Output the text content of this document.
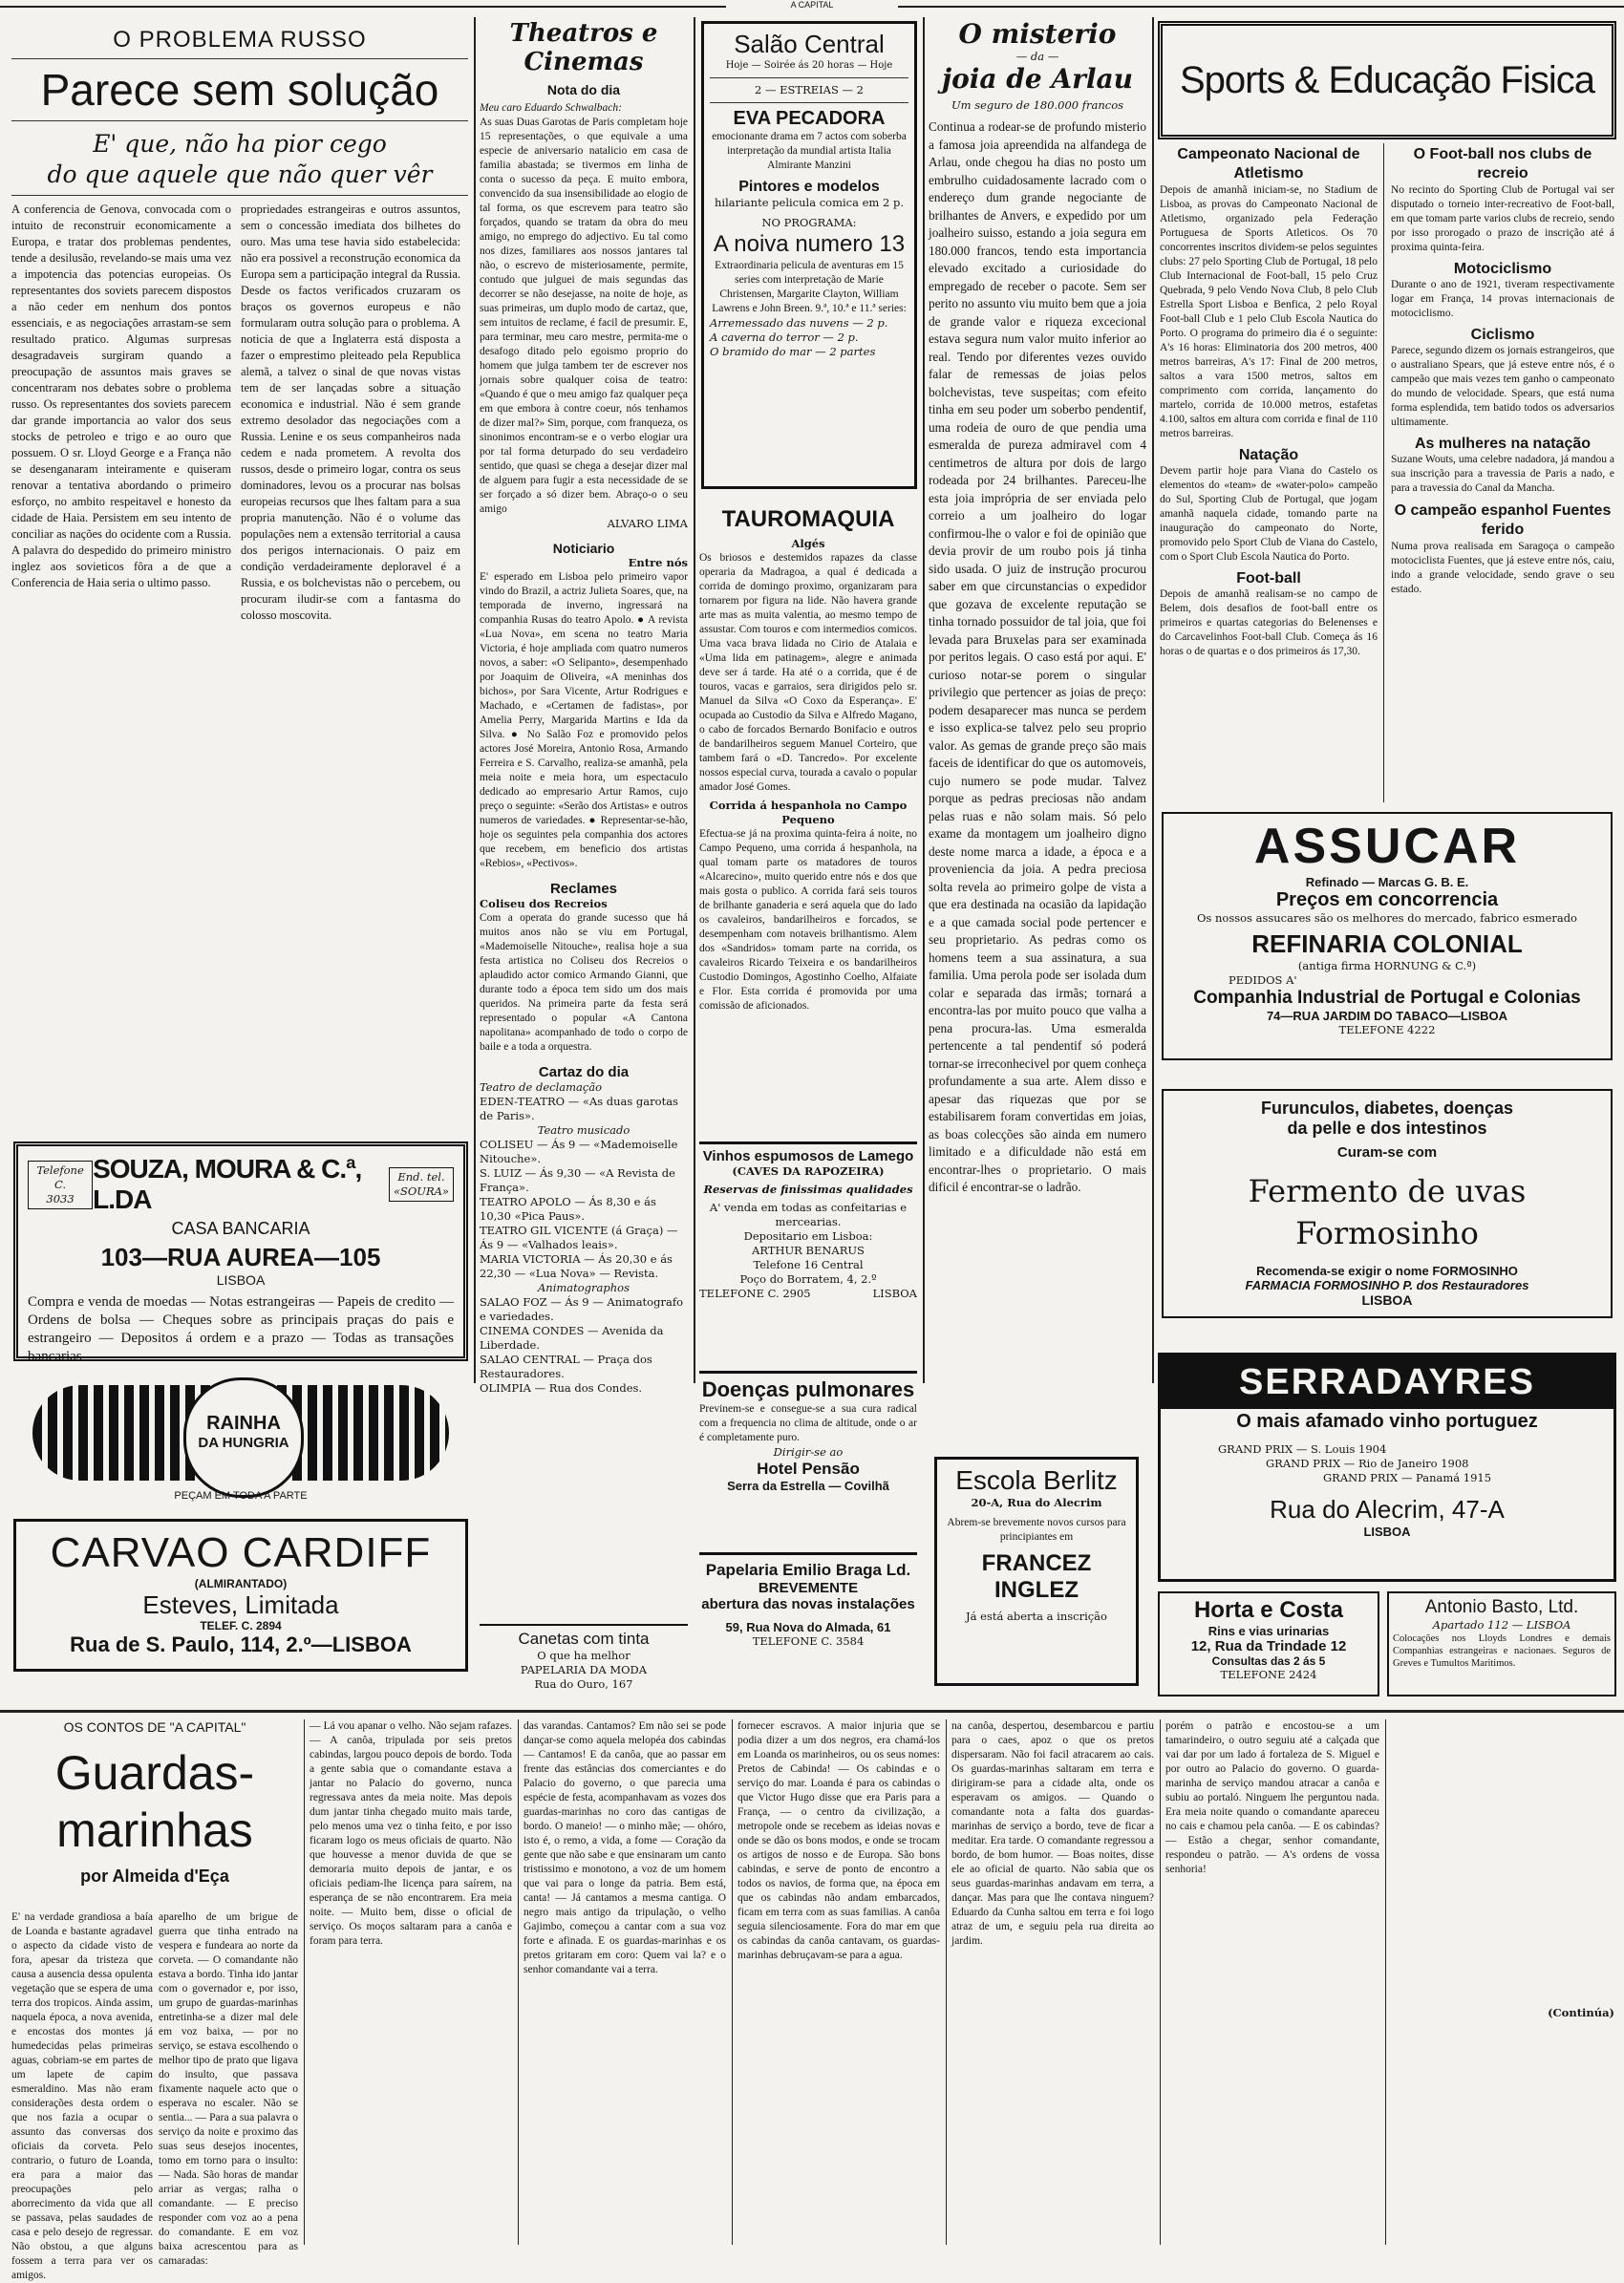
A CAPITAL
O PROBLEMA RUSSO
Parece sem solução
E' que, não ha pior cego
do que aquele que não quer vêr

A conferencia de Genova, convocada com o intuito de reconstruir economicamente a Europa, e tratar dos problemas pendentes, tende a desilusão, revelando-se mais uma vez a impotencia das potencias europeias. Os representantes dos soviets parecem dispostos a não ceder em nenhum dos pontos essenciais, e as negociações arrastam-se sem resultado pratico. Algumas surpresas desagradaveis surgiram quando a preocupação de assuntos mais graves se concentraram nos debates sobre o problema russo. Os representantes dos soviets parecem dar grande importancia ao valor dos seus stocks de petroleo e trigo e ao ouro que possuem. O sr. Lloyd George e a França não se desenganaram inteiramente e quiseram renovar a tentativa abordando o primeiro esforço, no ambito respeitavel e honesto da cidade de Haia. Persistem em seu intento de conciliar as nações do ocidente com a Russia. A palavra do despedido do primeiro ministro inglez aos sovieticos fôra a de que a Conferencia de Haia seria o ultimo passo.

propriedades estrangeiras e outros assuntos, sem o concessão imediata dos bilhetes do ouro. Mas uma tese havia sido estabelecida: não era possivel a reconstrução economica da Europa sem a participação integral da Russia. Desde os factos verificados cruzaram os braços os governos europeus e não formularam outra solução para o problema. A noticia de que a Inglaterra está disposta a fazer o emprestimo pleiteado pela Republica alemã, a talvez o sinal de que novas vistas tem de ser lançadas sobre a situação economica e industrial. Não é sem grande extremo desolador das negociações com a Russia. Lenine e os seus companheiros nada cedem e nada prometem. A revolta dos russos, desde o primeiro logar, contra os seus dominadores, levou os a procurar nas bolsas europeias recursos que lhes faltam para a sua propria manutenção. Não é o volume das populações nem a extensão territorial a causa dos perigos internacionais. O paiz em condição verdadeiramente deploravel é a Russia, e os bolchevistas não o percebem, ou procuram iludir-se com a fantasma do colosso moscovita.

Telefone C.
3033
SOUZA, MOURA & C.ª, L.DA
End. tel.
«SOURA»
CASA BANCARIA
103—RUA AUREA—105
LISBOA

Compra e venda de moedas — Notas estrangeiras — Papeis de credito — Ordens de bolsa — Cheques sobre as principais praças do pais e estrangeiro — Depositos á ordem e a prazo — Todas as transações bancarias

RAINHA
DA HUNGRIA
PEÇAM EM TODA A PARTE
CARVAO CARDIFF
(ALMIRANTADO)
Esteves, Limitada
TELEF. C. 2894
Rua de S. Paulo, 114, 2.º—LISBOA
Theatros e Cinemas
Nota do dia

Meu caro Eduardo Schwalbach:

As suas Duas Garotas de Paris completam hoje 15 representações, o que equivale a uma especie de aniversario natalicio em casa de familia abastada; se tivermos em linha de conta o sucesso da peça. E muito embora, convencido da sua insensibilidade ao elogio de tal forma, os que escrevem para teatro são forçados, quando se tratam da obra do meu amigo, no emprego do adjectivo. Eu tal como nos dizes, familiares aos nossos jantares tal não, o escrevo de misteriosamente, permite, contudo que julguei de mais segundas das decorrer se não desejasse, na noite de hoje, as suas primeiras, um duplo modo de cartaz, que, sem intuitos de reclame, é facil de presumir. E, para terminar, meu caro mestre, permita-me o desafogo ditado pelo egoismo proprio do homem que julga tambem ter de escrever nos jornais sobre qualquer coisa de teatro: «Quando é que o meu amigo faz qualquer peça em que embora à contre coeur, nós tenhamos de dizer mal?» Sim, porque, com franqueza, os sinonimos encontram-se e o verbo elogiar ura por tal forma deturpado do seu verdadeiro sentido, que quasi se chega a desejar dizer mal de alguem para fugir a esta necessidade de se ser forçado a só dizer bem. Abraço-o o seu amigo

ALVARO LIMA
Noticiario
Entre nós

E' esperado em Lisboa pelo primeiro vapor vindo do Brazil, a actriz Julieta Soares, que, na temporada de inverno, ingressará na companhia Rusas do teatro Apolo. ● A revista «Lua Nova», em scena no teatro Maria Victoria, é hoje ampliada com quatro numeros novos, a saber: «O Selipanto», desempenhado por Joaquim de Oliveira, «A meninhas dos bichos», por Sara Vicente, Artur Rodrigues e Machado, e «Certamen de fadistas», por Amelia Perry, Margarida Martins e Ida da Silva. ● No Salão Foz e promovido pelos actores José Moreira, Antonio Rosa, Armando Ferreira e S. Carvalho, realiza-se amanhã, pela meia noite e meia hora, um espectaculo dedicado ao empresario Artur Ramos, cujo preço o seguinte: «Serão dos Artistas» e outros numeros de variedades. ● Representar-se-hão, hoje os seguintes pela companhia dos actores que recebem, em beneficio dos artistas «Rebios», «Pectivos».

Reclames
Coliseu dos Recreios

Com a operata do grande sucesso que há muitos anos não se viu em Portugal, «Mademoiselle Nitouche», realisa hoje a sua festa artistica no Coliseu dos Recreios o aplaudido actor comico Armando Gianni, que durante todo a época tem sido um dos mais queridos. Na primeira parte da festa será representado o popular «A Cantona napolitana» acompanhado de todo o corpo de baile e a toda a orquestra.

Cartaz do dia
Teatro de declamação
EDEN-TEATRO — «As duas garotas de Paris».
Teatro musicado
COLISEU — Ás 9 — «Mademoiselle Nitouche».
S. LUIZ — Ás 9,30 — «A Revista de França».
TEATRO APOLO — Ás 8,30 e ás 10,30 «Pica Paus».
TEATRO GIL VICENTE (á Graça) — Ás 9 — «Valhados leais».
MARIA VICTORIA — Ás 20,30 e ás 22,30 — «Lua Nova» — Revista.
Animatographos
SALAO FOZ — Ás 9 — Animatografo e variedades.
CINEMA CONDES — Avenida da Liberdade.
SALAO CENTRAL — Praça dos Restauradores.
OLIMPIA — Rua dos Condes.
Canetas com tinta
O que ha melhor
PAPELARIA DA MODA
Rua do Ouro, 167
Salão Central
Hoje — Soirée ás 20 horas — Hoje
2 — ESTREIAS — 2
EVA PECADORA

emocionante drama em 7 actos com soberba interpretação da mundial artista Italia Almirante Manzini

Pintores e modelos
hilariante pelicula comica em 2 p.
NO PROGRAMA:
A noiva numero 13

Extraordinaria pelicula de aventuras em 15 series com interpretação de Marie Christensen, Margarite Clayton, William Lawrens e John Breen. 9.ª, 10.ª e 11.ª series:

Arremessado das nuvens — 2 p.
A caverna do terror — 2 p.
O bramido do mar — 2 partes
TAUROMAQUIA
Algés

Os briosos e destemidos rapazes da classe operaria da Madragoa, a qual é dedicada a corrida de domingo proximo, organizaram para tornarem por figura na lide. Não havera grande arte mas as muita valentia, ao mesmo tempo de assustar. Com touros e com intermedios comicos. Uma vaca brava lidada no Cirio de Atalaia e «Uma lida em patinagem», alegre e animada deve ser á tarde. Ha até o a corrida, que é de touros, vacas e garraios, sera dirigidos pelo sr. Manuel da Silva «O Coxo da Esperança». E' ocupada ao Custodio da Silva e Alfredo Magano, o cabo de forcados Bernardo Bonifacio e outros de bandarilheiros seguem Manuel Corteiro, que tambem fará o «D. Tancredo». Por excelente nossos especial curva, tourada a cavalo o popular amador José Gomes.

Corrida á hespanhola no Campo Pequeno

Efectua-se já na proxima quinta-feira á noite, no Campo Pequeno, uma corrida á hespanhola, na qual tomam parte os matadores de touros «Alcarecino», muito querido entre nós e dos que mais gosta o publico. A corrida fará seis touros de brilhante ganaderia e será aquela que do lado os cavaleiros, bandarilheiros e forcados, se desempenham com notaveis brilhantismo. Alem dos «Sandridos» tomam parte na corrida, os cavaleiros Ricardo Teixeira e os bandarilheiros Custodio Domingos, Agostinho Coelho, Alfaiate e Flor. Esta corrida é promovida por uma comissão de aficionados.

Vinhos espumosos de Lamego
(CAVES DA RAPOZEIRA)
Reservas de finissimas qualidades
A' venda em todas as confeitarias e mercearias.
Depositario em Lisboa:
ARTHUR BENARUS
Telefone 16 Central
Poço do Borratem, 4, 2.º
TELEFONE C. 2905	LISBOA
Doenças pulmonares

Previnem-se e consegue-se a sua cura radical com a frequencia no clima de altitude, onde o ar é completamente puro.

Dirigir-se ao
Hotel Pensão
Serra da Estrella — Covilhã
Papelaria Emilio Braga Ld.
BREVEMENTE
abertura das novas instalações
59, Rua Nova do Almada, 61
TELEFONE C. 3584
O misterio
— da —
joia de Arlau
Um seguro de 180.000 francos

Continua a rodear-se de profundo misterio a famosa joia apreendida na alfandega de Arlau, onde chegou ha dias no posto um embrulho cuidadosamente lacrado com o endereço dum grande negociante de brilhantes de Anvers, e expedido por um joalheiro suisso, estando a joia segura em 180.000 francos, tendo esta importancia elevado excitado a curiosidade do empregado de receber o pacote. Sem ser perito no assunto viu muito bem que a joia de grande valor e riqueza excecional estava segura num valor muito inferior ao real. Tendo por diferentes vezes ouvido falar de remessas de joias pelos bolchevistas, teve suspeitas; com efeito tinha em seu poder um soberbo pendentif, uma rodeia de ouro de que pendia uma esmeralda de pureza admiravel com 4 centimetros de altura por dois de largo rodeada por 24 brilhantes. Pareceu-lhe esta joia imprópria de ser enviada pelo correio a um joalheiro do logar confirmou-lhe o valor e foi de opinião que devia provir de um roubo pois já tinha sido usada. O juiz de instrução procurou saber em que circunstancias o expedidor que gozava de excelente reputação se tinha tornado possuidor de tal joia, que foi levada para Bruxelas para ser examinada por peritos legais. O caso está por aqui. E' curioso notar-se porem o singular privilegio que pertencer as joias de preço: podem desaparecer mas nunca se perdem e isso explica-se talvez pelo seu proprio valor. As gemas de grande preço são mais faceis de identificar do que os automoveis, cujo numero se pode mudar. Talvez porque as pedras preciosas não andam pelas ruas e não solam mais. Só pelo exame da montagem um joalheiro digno deste nome marca a idade, a época e a proveniencia da joia. A pedra preciosa solta revela ao primeiro golpe de vista a que era destinada na ocasião da lapidação e a que camada social pode pertencer e seu proprietario. As pedras como os homens teem a sua assinatura, a sua familia. Uma perola pode ser isolada dum colar e separada das irmãs; tornará a encontra-las por muito pouco que valha a pena procura-las. Uma esmeralda pertencente a tal pendentif só poderá tornar-se irreconhecivel por quem conheça profundamente a sua arte. Alem disso e apesar das riquezas que por se estabilisarem foram convertidas em joias, as boas colecções são ainda em numero limitado e a dificuldade não está em encontrar-lhes o proprietario. O mais dificil é encontrar-se o ladrão.

Escola Berlitz
20-A, Rua do Alecrim

Abrem-se brevemente novos cursos para principiantes em

FRANCEZ
INGLEZ
Já está aberta a inscrição
Sports & Educação Fisica
Campeonato Nacional de Atletismo

Depois de amanhã iniciam-se, no Stadium de Lisboa, as provas do Campeonato Nacional de Atletismo, organizado pela Federação Portuguesa de Sports Atleticos. Os 70 concorrentes inscritos dividem-se pelos seguintes clubs: 27 pelo Sporting Club de Portugal, 18 pelo Club Internacional de Foot-ball, 15 pelo Cruz Quebrada, 9 pelo Vendo Nova Club, 8 pelo Club Estrella Sport Lisboa e Benfica, 2 pelo Royal Foot-ball Club e 1 pelo Club Escola Nautica do Porto. O programa do primeiro dia é o seguinte: A's 16 horas: Eliminatoria dos 200 metros, 400 metros barreiras, A's 17: Final de 200 metros, saltos a vara 1500 metros, saltos em comprimento com corrida, lançamento do martelo, corrida de 10.000 metros, estafetas 4.100, saltos em altura com corrida e final de 110 metros barreiras.

Natação

Devem partir hoje para Viana do Castelo os elementos do «team» de «water-polo» campeão do Sul, Sporting Club de Portugal, que jogam amanhã naquela cidade, tomando parte na inauguração do campeonato do Norte, promovido pelo Sport Club de Viana do Castelo, com o Sport Club Escola Nautica do Porto.

Foot-ball

Depois de amanhã realisam-se no campo de Belem, dois desafios de foot-ball entre os primeiros e quartas categorias do Belenenses e do Carcavelinhos Foot-ball Club. Começa ás 16 horas o de quartas e o dos primeiros ás 17,30.

O Foot-ball nos clubs de recreio

No recinto do Sporting Club de Portugal vai ser disputado o torneio inter-recreativo de Foot-ball, em que tomam parte varios clubs de recreio, sendo por isso prorogado o prazo de inscrição até á proxima quinta-feira.

Motociclismo

Durante o ano de 1921, tiveram respectivamente logar em França, 14 provas internacionais de motociclismo.

Ciclismo

Parece, segundo dizem os jornais estrangeiros, que o australiano Spears, que já esteve entre nós, é o campeão que mais vezes tem ganho o campeonato do mundo de velocidade. Spears, que está numa forma esplendida, tem batido todos os adversarios ultimamente.

As mulheres na natação

Suzane Wouts, uma celebre nadadora, já mandou a sua inscrição para a travessia de Paris a nado, e para a travessia do Canal da Mancha.

O campeão espanhol Fuentes ferido

Numa prova realisada em Saragoça o campeão motociclista Fuentes, que já esteve entre nós, caiu, indo a grande velocidade, sendo grave o seu estado.

ASSUCAR
Refinado — Marcas G. B. E.
Preços em concorrencia
Os nossos assucares são os melhores do mercado, fabrico esmerado
REFINARIA COLONIAL
(antiga firma HORNUNG & C.ª)
PEDIDOS A'
Companhia Industrial de Portugal e Colonias
74—RUA JARDIM DO TABACO—LISBOA
TELEFONE 4222
Furunculos, diabetes, doenças
da pelle e dos intestinos
Curam-se com
Fermento de uvas Formosinho
Recomenda-se exigir o nome FORMOSINHO
FARMACIA FORMOSINHO P. dos Restauradores
LISBOA
SERRADAYRES
O mais afamado vinho portuguez
GRAND PRIX — S. Louis 1904
GRAND PRIX — Rio de Janeiro 1908
GRAND PRIX — Panamá 1915
Rua do Alecrim, 47-A
LISBOA
Horta e Costa
Rins e vias urinarias
12, Rua da Trindade 12
Consultas das 2 ás 5
TELEFONE 2424
Antonio Basto, Ltd.
Apartado 112 — LISBOA

Colocações nos Lloyds Londres e demais Companhias estrangeiras e nacionaes. Seguros de Greves e Tumultos Maritimos.

OS CONTOS DE "A CAPITAL"
Guardas-marinhas
por Almeida d'Eça

E' na verdade grandiosa a baía de Loanda e bastante agradavel o aspecto da cidade visto de fora, apesar da tristeza que causa a ausencia dessa opulenta vegetação que se espera de uma terra dos tropicos. Ainda assim, naquela época, a nova avenida, e encostas dos montes já humedecidas pelas primeiras aguas, cobriam-se em partes de um lapete de capim esmeraldino. Mas não eram considerações desta ordem o que nos fazia a ocupar o assunto das conversas dos oficiais da corveta. Pelo contrario, o futuro de Loanda, era para a maior das preocupações pelo aborrecimento da vida que all se passava, pelas saudades de casa e pelo desejo de regressar. Não obstou, a que alguns fossem a terra para ver os amigos.

aparelho de um brigue de guerra que tinha entrado na vespera e fundeara ao norte da corveta. — O comandante não estava a bordo. Tinha ido jantar com o governador e, por isso, um grupo de guardas-marinhas entretinha-se a dizer mal dele em voz baixa, — por no serviço, se estava escolhendo o melhor tipo de prato que ligava do insulto, que passava fixamente naquele acto que o esperava no escaler. Não se sentia... — Para a sua palavra o serviço da noite e proximo das suas seus desejos inocentes, tomo em torno para o insulto: — Nada. São horas de mandar arriar as vergas; ralha o comandante. — E preciso responder com voz ao a pena do comandante. E em voz baixa acrescentou para as camaradas:

— Lá vou apanar o velho. Não sejam rafazes. — A canôa, tripulada por seis pretos cabindas, largou pouco depois de bordo. Toda a gente sabia que o comandante estava a jantar no Palacio do governo, nunca regressava antes da meia noite. Mas depois dum jantar tinha chegado muito mais tarde, pelo menos uma vez o tinha feito, e por isso ficaram logo os meus oficiais de quarto. Não que houvesse a menor duvida de que se demoraria muito depois de jantar, e os oficiais pediam-lhe licença para saírem, na esperança de se não encontrarem. Era meia noite. — Muito bem, disse o oficial de serviço. Os moços saltaram para a canôa e foram para terra.

das varandas. Cantamos? Em não sei se pode dançar-se como aquela melopéa dos cabindas — Cantamos! E da canôa, que ao passar em frente das estâncias dos comerciantes e do Palacio do governo, o que parecia uma espécie de festa, acompanhavam as vozes dos guardas-marinhas no coro das cantigas de bordo. O maneio! — o minho mãe; — ohóro, isto é, o remo, a vida, a fome — Coração da gente que não sabe e que ensinaram um canto tristissimo e monotono, a voz de um homem que vai para o longe da patria. Bem está, canta! — Já cantamos a mesma cantiga. O negro mais antigo da tripulação, o velho Gajimbo, começou a cantar com a sua voz forte e afinada. E os guardas-marinhas e os pretos gritaram em coro: Quem vai la? e o senhor comandante vai a terra.

fornecer escravos. A maior injuria que se podia dizer a um dos negros, era chamá-los em Loanda os marinheiros, ou os seus nomes: Pretos de Cabinda! — Os cabindas e o serviço do mar. Loanda é para os cabindas o que Victor Hugo disse que era Paris para a França, — o centro da civilização, a metropole onde se recebem as ideias novas e onde se dão os bons modos, e onde se trocam os artigos de nosso e de Europa. São bons cabindas, e serve de ponto de encontro a todos os navios, de forma que, na época em que os cabindas não andam embarcados, ficam em terra com as suas familias. A canôa seguia silenciosamente. Fora do mar em que os cabindas da canôa cantavam, os guardas-marinhas debruçavam-se para a agua.

na canôa, despertou, desembarcou e partiu para o caes, apoz o que os pretos dispersaram. Não foi facil atracarem ao cais. Os guardas-marinhas saltaram em terra e dirigiram-se para a cidade alta, onde os esperavam os amigos. — Quando o comandante nota a falta dos guardas-marinhas de serviço a bordo, teve de ficar a meditar. Era tarde. O comandante regressou a bordo, de bom humor. — Boas noites, disse ele ao oficial de quarto. Não sabia que os seus guardas-marinhas andavam em terra, a dançar. Mas para que lhe contava ninguem? Eduardo da Cunha saltou em terra e foi logo atraz de um, e seguiu pela rua direita ao jardim.

porém o patrão e encostou-se a um tamarindeiro, o outro seguiu até a calçada que vai dar por um lado á fortaleza de S. Miguel e por outro ao Palacio do governo. O guarda-marinha de serviço mandou atracar a canôa e subiu ao portaló. Ninguem lhe perguntou nada. Era meia noite quando o comandante apareceu no cais e chamou pela canôa. — E os cabindas? — Estão a chegar, senhor comandante, respondeu o patrão. — A's ordens de vossa senhoria!

(Continúa)
